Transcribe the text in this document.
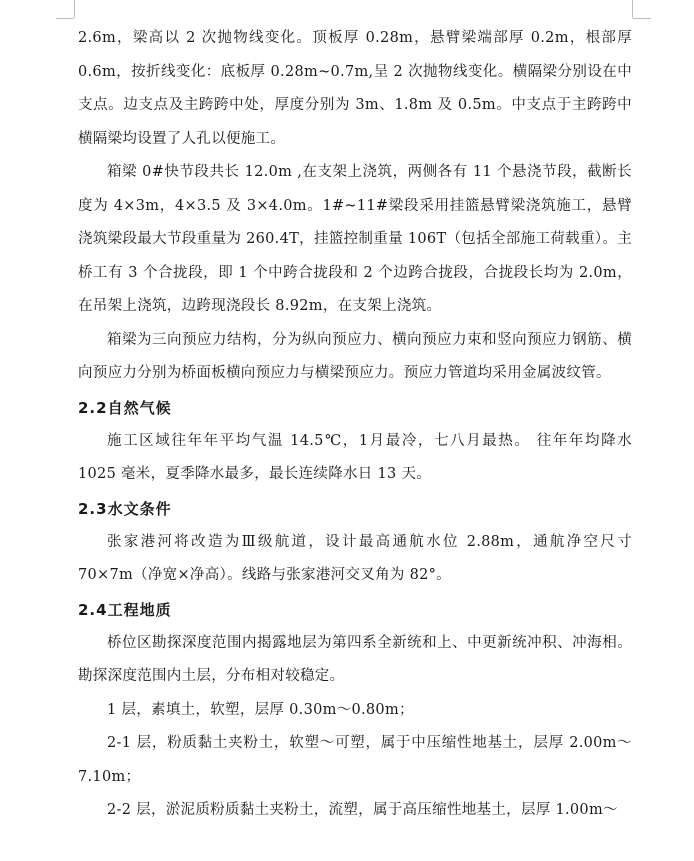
2.6m，梁高以 2 次抛物线变化。顶板厚 0.28m，悬臂梁端部厚 0.2m，根部厚 0.6m，按折线变化：底板厚 0.28m~0.7m,呈 2 次抛物线变化。横隔梁分别设在中支点。边支点及主跨跨中处，厚度分别为 3m、1.8m 及 0.5m。中支点于主跨跨中横隔梁均设置了人孔以便施工。

箱梁 0#快节段共长 12.0m ,在支架上浇筑，两侧各有 11 个悬浇节段，截断长度为 4×3m，4×3.5 及 3×4.0m。1#~11#梁段采用挂篮悬臂梁浇筑施工，悬臂浇筑梁段最大节段重量为 260.4T，挂篮控制重量 106T（包括全部施工荷载重）。主桥工有 3 个合拢段，即 1 个中跨合拢段和 2 个边跨合拢段，合拢段长均为 2.0m，在吊架上浇筑，边跨现浇段长 8.92m，在支架上浇筑。

箱梁为三向预应力结构，分为纵向预应力、横向预应力束和竖向预应力钢筋、横向预应力分别为桥面板横向预应力与横梁预应力。预应力管道均采用金属波纹管。

2.2自然气候

施工区域往年年平均气温 14.5℃，1月最冷，七八月最热。 往年年均降水 1025 毫米，夏季降水最多，最长连续降水日 13 天。

2.3水文条件

张家港河将改造为Ⅲ级航道，设计最高通航水位 2.88m，通航净空尺寸 70×7m（净宽×净高）。线路与张家港河交叉角为 82°。

2.4工程地质

桥位区勘探深度范围内揭露地层为第四系全新统和上、中更新统冲积、冲海相。勘探深度范围内土层，分布相对较稳定。

1 层，素填土，软塑，层厚 0.30m～0.80m；

2-1 层，粉质黏土夹粉土，软塑～可塑，属于中压缩性地基土，层厚 2.00m～7.10m；

2-2 层，淤泥质粉质黏土夹粉土，流塑，属于高压缩性地基土，层厚 1.00m～
